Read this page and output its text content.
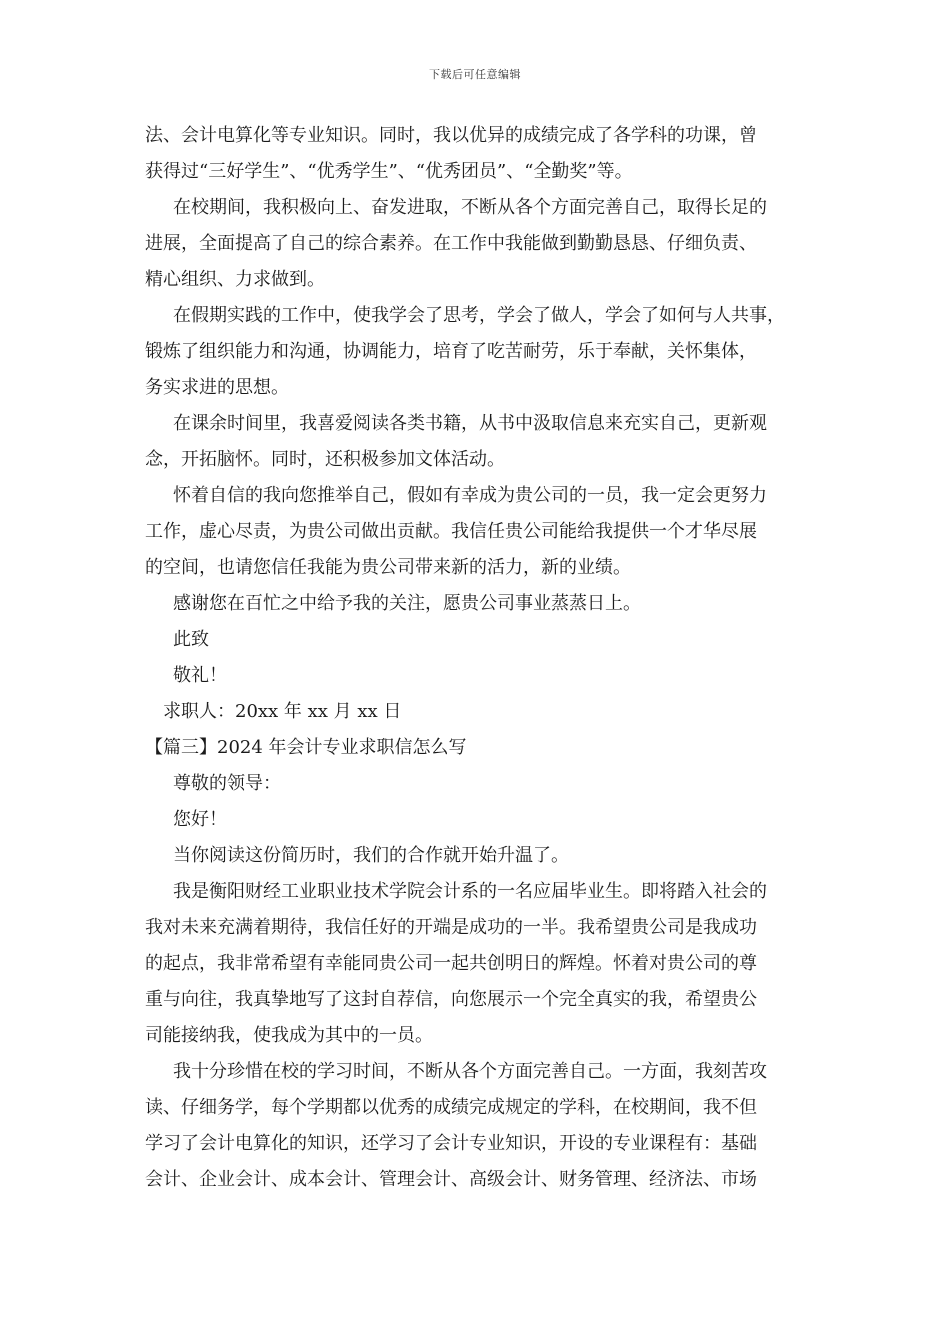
下载后可任意编辑

法、会计电算化等专业知识。同时，我以优异的成绩完成了各学科的功课，曾

获得过“三好学生”、“优秀学生”、“优秀团员”、“全勤奖”等。

在校期间，我积极向上、奋发进取，不断从各个方面完善自己，取得长足的

进展，全面提高了自己的综合素养。在工作中我能做到勤勤恳恳、仔细负责、

精心组织、力求做到。

在假期实践的工作中，使我学会了思考，学会了做人，学会了如何与人共事，

锻炼了组织能力和沟通，协调能力，培育了吃苦耐劳，乐于奉献，关怀集体，

务实求进的思想。

在课余时间里，我喜爱阅读各类书籍，从书中汲取信息来充实自己，更新观

念，开拓脑怀。同时，还积极参加文体活动。

怀着自信的我向您推举自己，假如有幸成为贵公司的一员，我一定会更努力

工作，虚心尽责，为贵公司做出贡献。我信任贵公司能给我提供一个才华尽展

的空间，也请您信任我能为贵公司带来新的活力，新的业绩。

感谢您在百忙之中给予我的关注，愿贵公司事业蒸蒸日上。

此致

敬礼！

求职人：20xx 年 xx 月 xx 日

【篇三】2024 年会计专业求职信怎么写

尊敬的领导：

您好！

当你阅读这份简历时，我们的合作就开始升温了。

我是衡阳财经工业职业技术学院会计系的一名应届毕业生。即将踏入社会的

我对未来充满着期待，我信任好的开端是成功的一半。我希望贵公司是我成功

的起点，我非常希望有幸能同贵公司一起共创明日的辉煌。怀着对贵公司的尊

重与向往，我真挚地写了这封自荐信，向您展示一个完全真实的我，希望贵公

司能接纳我，使我成为其中的一员。

我十分珍惜在校的学习时间，不断从各个方面完善自己。一方面，我刻苦攻

读、仔细务学，每个学期都以优秀的成绩完成规定的学科，在校期间，我不但

学习了会计电算化的知识，还学习了会计专业知识，开设的专业课程有：基础

会计、企业会计、成本会计、管理会计、高级会计、财务管理、经济法、市场
